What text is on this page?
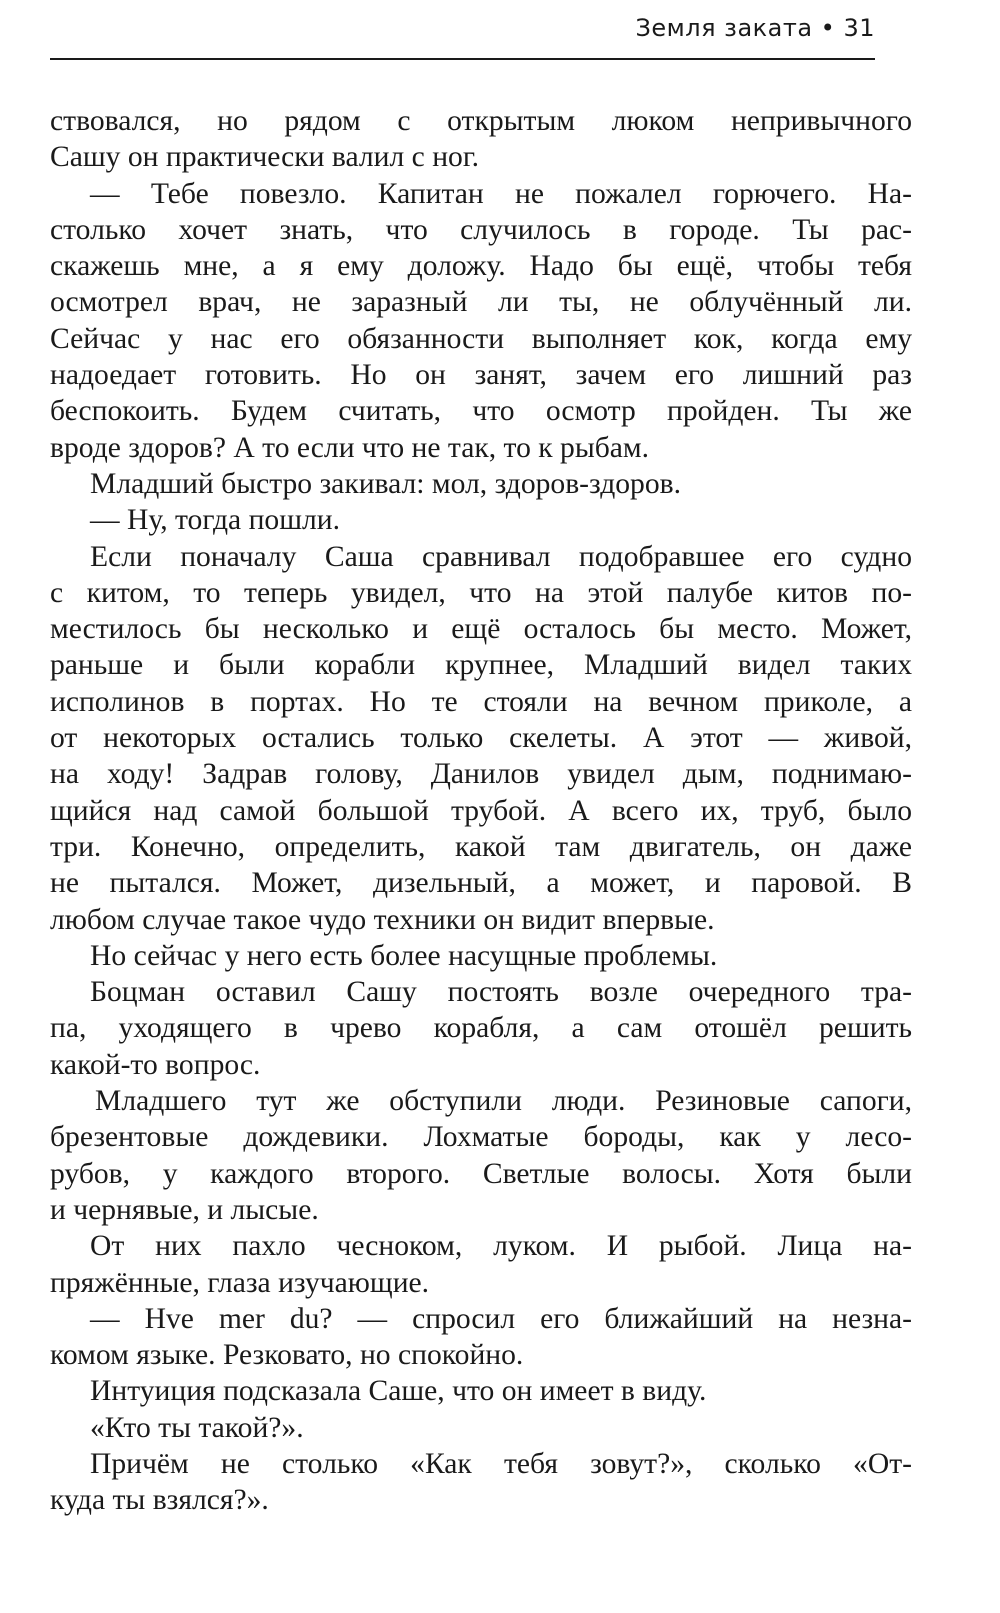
Земля заката • 31
ствовался, но рядом с открытым люком непривычного
Сашу он практически валил с ног.
— Тебе повезло. Капитан не пожалел горючего. На-
столько хочет знать, что случилось в городе. Ты рас-
скажешь мне, а я ему доложу. Надо бы ещё, чтобы тебя
осмотрел врач, не заразный ли ты, не облучённый ли.
Сейчас у нас его обязанности выполняет кок, когда ему
надоедает готовить. Но он занят, зачем его лишний раз
беспокоить. Будем считать, что осмотр пройден. Ты же
вроде здоров? А то если что не так, то к рыбам.
Младший быстро закивал: мол, здоров-здоров.
— Ну, тогда пошли.
Если поначалу Саша сравнивал подобравшее его судно
с китом, то теперь увидел, что на этой палубе китов по-
местилось бы несколько и ещё осталось бы место. Может,
раньше и были корабли крупнее, Младший видел таких
исполинов в портах. Но те стояли на вечном приколе, а
от некоторых остались только скелеты. А этот — живой,
на ходу! Задрав голову, Данилов увидел дым, поднимаю-
щийся над самой большой трубой. А всего их, труб, было
три. Конечно, определить, какой там двигатель, он даже
не пытался. Может, дизельный, а может, и паровой. В
любом случае такое чудо техники он видит впервые.
Но сейчас у него есть более насущные проблемы.
Боцман оставил Сашу постоять возле очередного тра-
па, уходящего в чрево корабля, а сам отошёл решить
какой-то вопрос.
Младшего тут же обступили люди. Резиновые сапоги,
брезентовые дождевики. Лохматые бороды, как у лесо-
рубов, у каждого второго. Светлые волосы. Хотя были
и чернявые, и лысые.
От них пахло чесноком, луком. И рыбой. Лица на-
пряжённые, глаза изучающие.
— Hve mer du? — спросил его ближайший на незна-
комом языке. Резковато, но спокойно.
Интуиция подсказала Саше, что он имеет в виду.
«Кто ты такой?».
Причём не столько «Как тебя зовут?», сколько «От-
куда ты взялся?».
